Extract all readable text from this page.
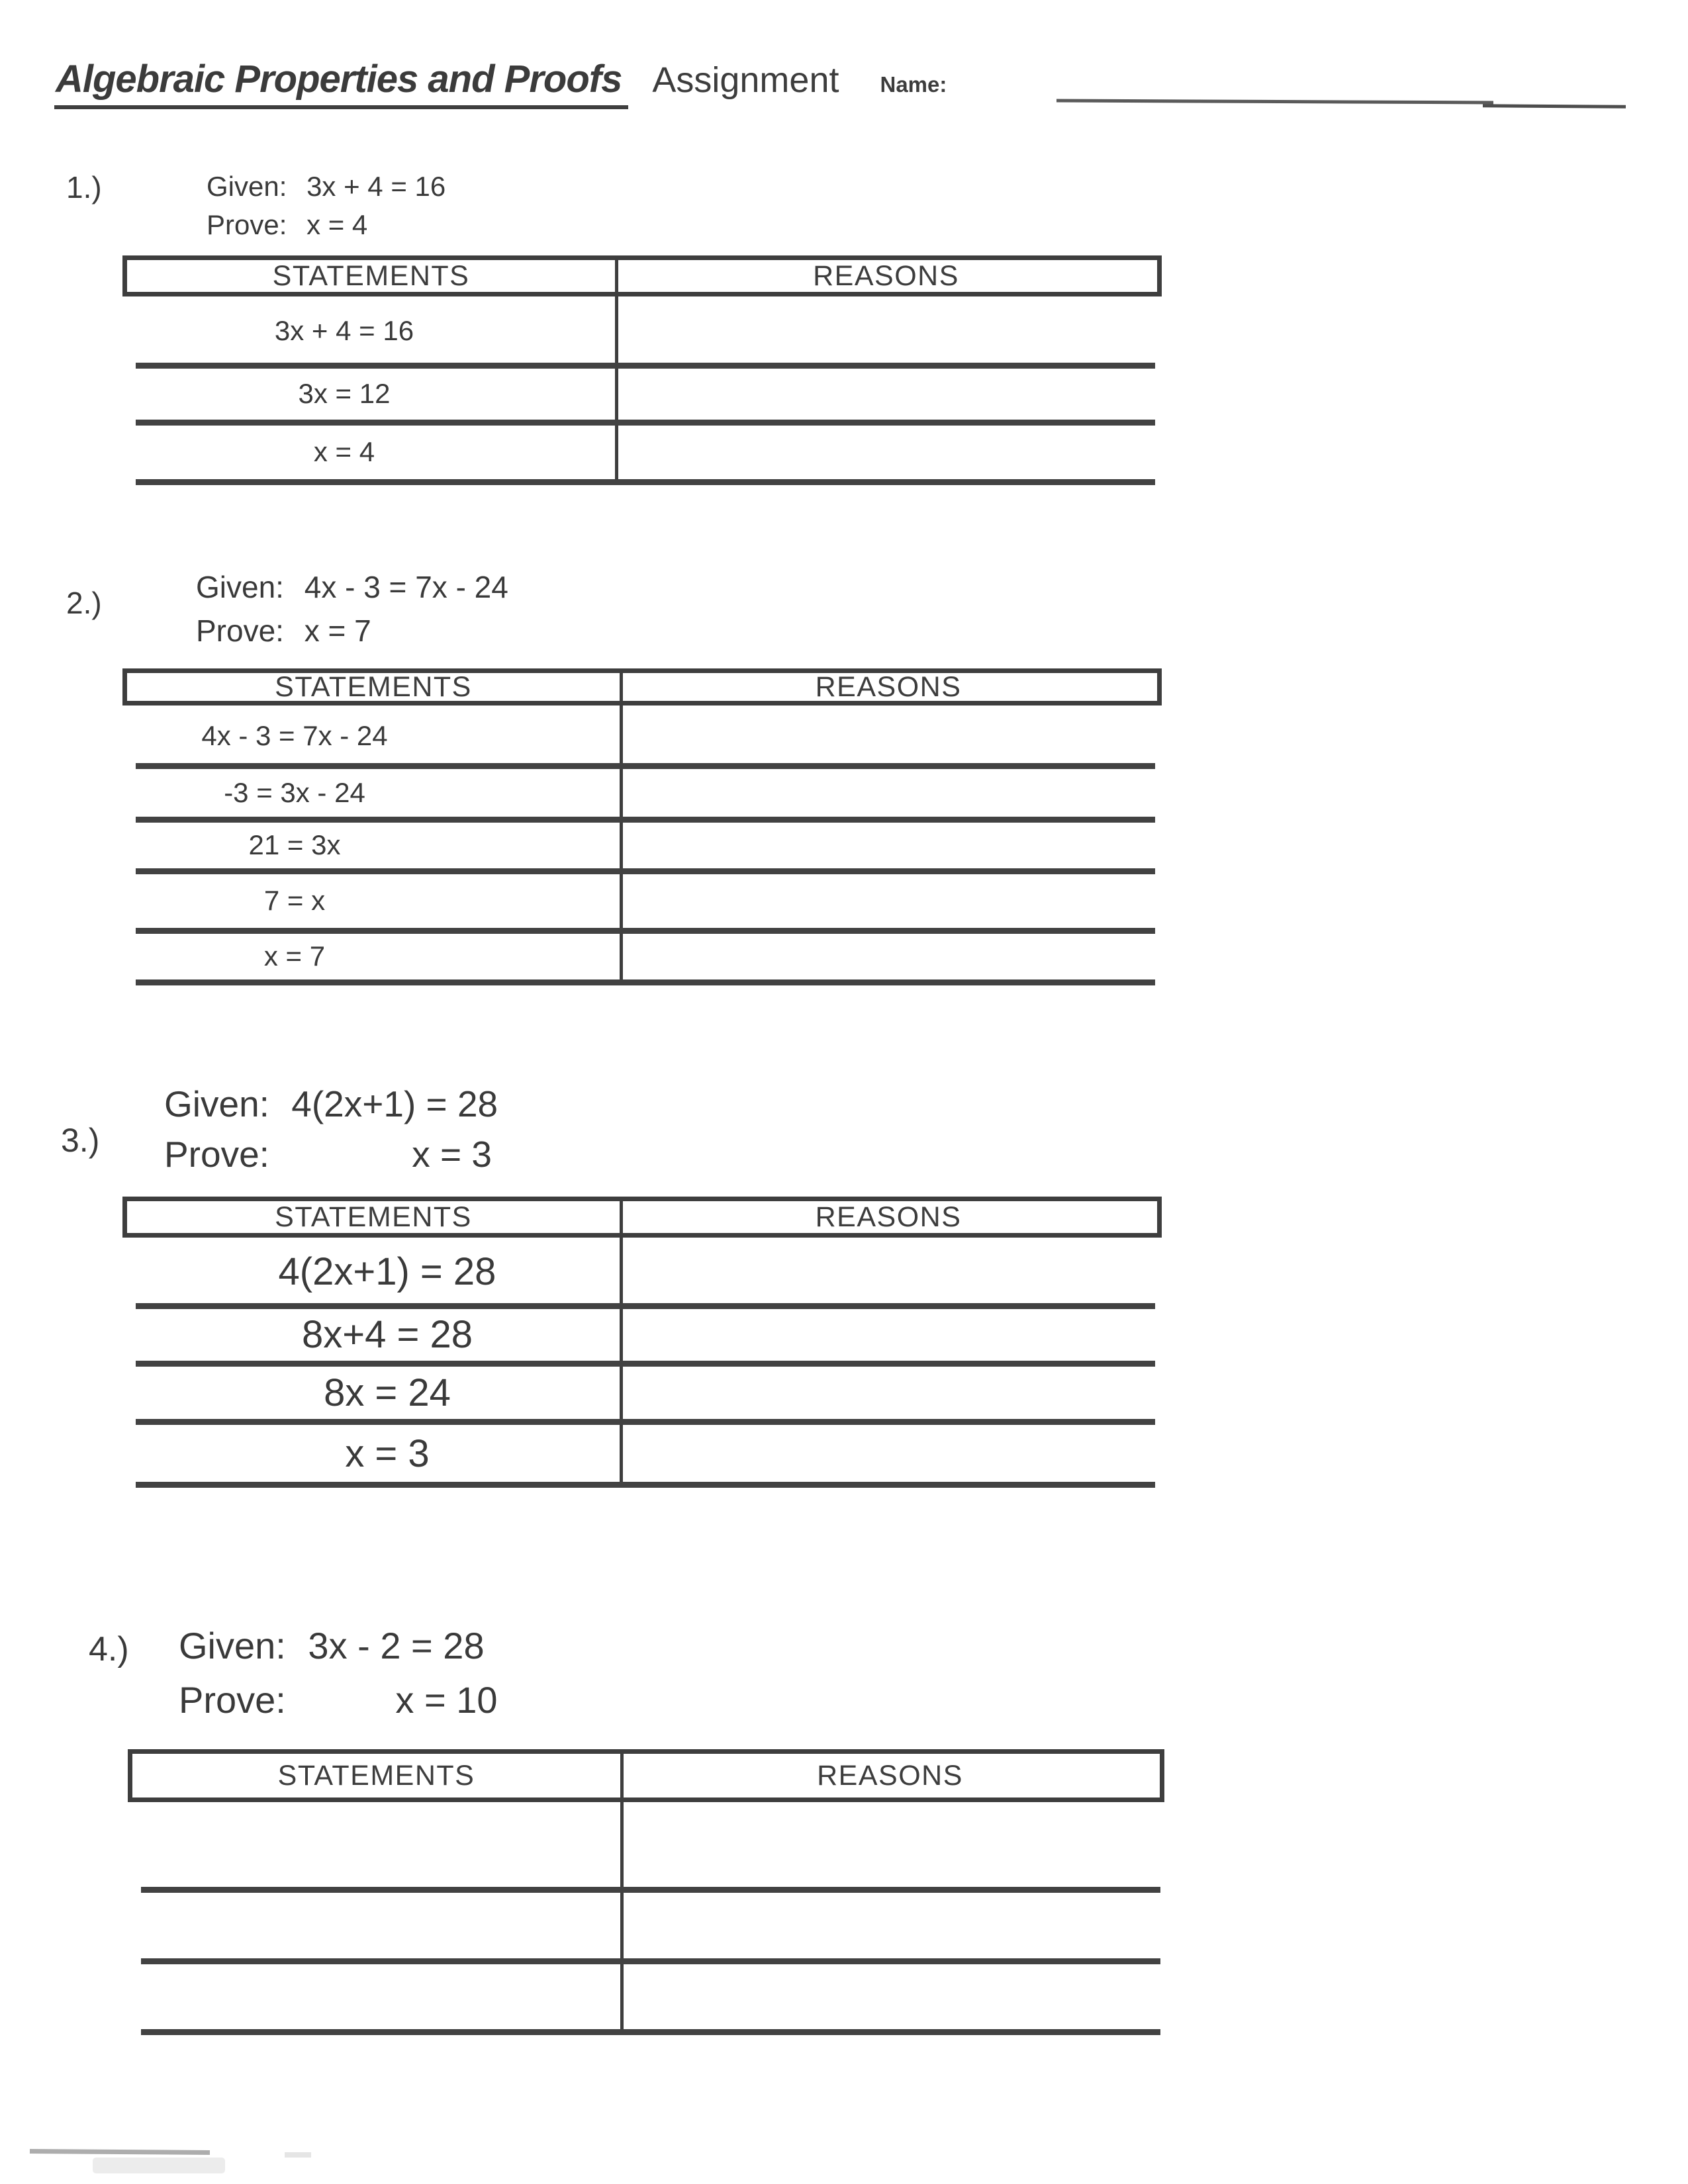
Algebraic Properties and Proofs Assignment Name:
1.)	Given: 3x + 4 = 16
Prove: x = 4
STATEMENTS	REASONS
3x + 4 = 16
3x = 12
x = 4
2.)	Given: 4x - 3 = 7x - 24
Prove: x = 7
STATEMENTS	REASONS
4x - 3 = 7x - 24
-3 = 3x - 24
21 = 3x
7 = x
x = 7
3.)
Given: 4(2x+1) = 28
Prove:	x = 3
STATEMENTS	REASONS
4(2x+1) = 28
8x+4 = 28
8x = 24
x = 3
4.) Given: 3x - 2 = 28
Prove:	x = 10
STATEMENTS	REASONS
